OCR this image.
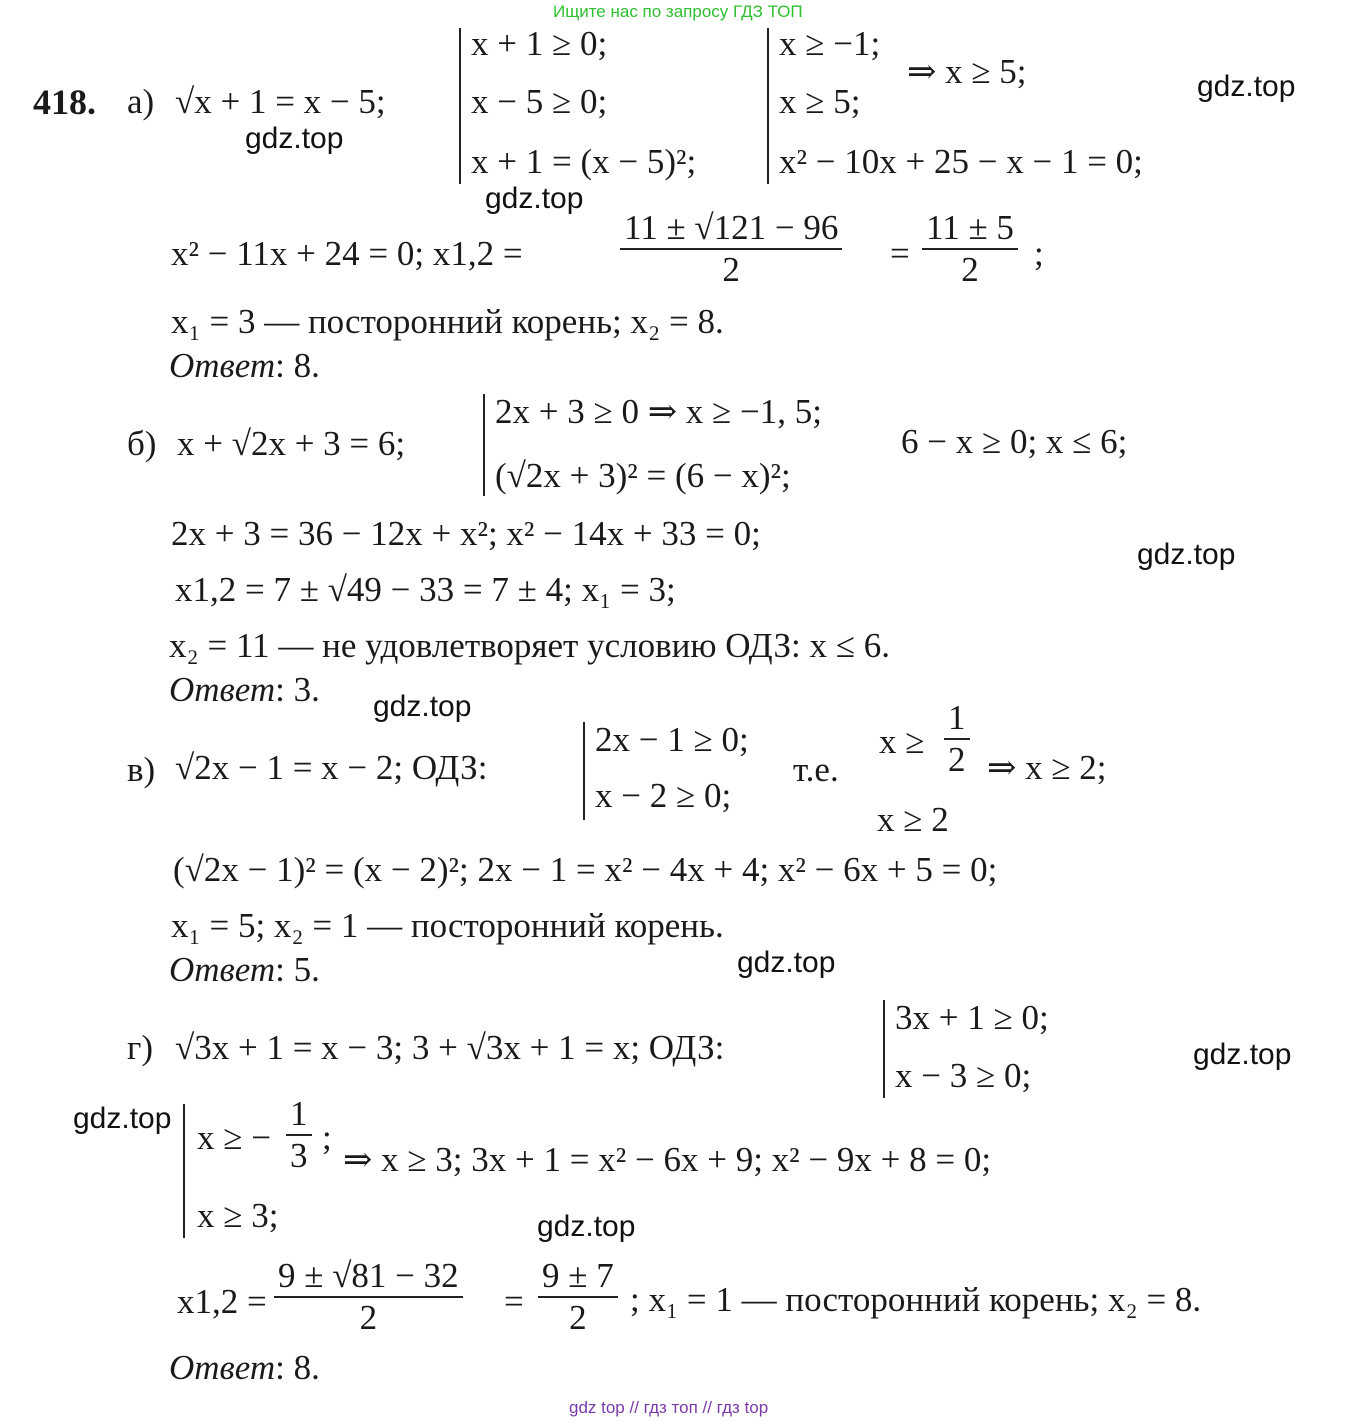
Ищите нас по запросу ГДЗ ТОП
gdz.top
gdz.top
gdz.top
gdz.top
gdz.top
gdz.top
gdz.top
gdz.top
gdz.top
418. а) √x + 1 = x − 5;
x + 1 ≥ 0;
x − 5 ≥ 0;
x + 1 = (x − 5)²;
x ≥ −1;
x ≥ 5;
x² − 10x + 25 − x − 1 = 0;
⇒ x ≥ 5;
x² − 11x + 24 = 0; x1,2 =	$\frac{11 \pm √121 - 96}{2} = \frac{11 \pm 5}{2}$ ;
x₁ = 3 — посторонний корень; x₂ = 8.
Ответ: 8.
б) x + √2x + 3 = 6;
2x + 3 ≥ 0 ⇒ x ≥ −1, 5;
(√2x + 3)² = (6 − x)²;
6 − x ≥ 0; x ≤ 6;
2x + 3 = 36 − 12x + x²; x² − 14x + 33 = 0;
x1,2 = 7 ± √49 − 33 = 7 ± 4; x₁ = 3;
x₂ = 11 — не удовлетворяет условию ОДЗ: x ≤ 6.
Ответ: 3.
в) √2x − 1 = x − 2; ОДЗ:
2x − 1 ≥ 0;
x − 2 ≥ 0;
т.е.
$x \ge \frac{1}{2}$ ⇒ x ≥ 2;
x ≥ 2
(√2x − 1)² = (x − 2)²; 2x − 1 = x² − 4x + 4; x² − 6x + 5 = 0;
x₁ = 5; x₂ = 1 — посторонний корень.
Ответ: 5.
г) √3x + 1 = x − 3; 3 + √3x + 1 = x; ОДЗ:
3x + 1 ≥ 0;
x − 3 ≥ 0;
x ≥ − $\frac{1}{3}$ ;
x ≥ 3;
⇒ x ≥ 3; 3x + 1 = x² − 6x + 9; x² − 9x + 8 = 0;
$x1,2 = \frac{9 \pm √81 - 32}{2} = \frac{9 \pm 7}{2}$ ; x₁ = 1 — посторонний корень; x₂ = 8.
Ответ: 8.
gdz top // гдз топ // гдз top
